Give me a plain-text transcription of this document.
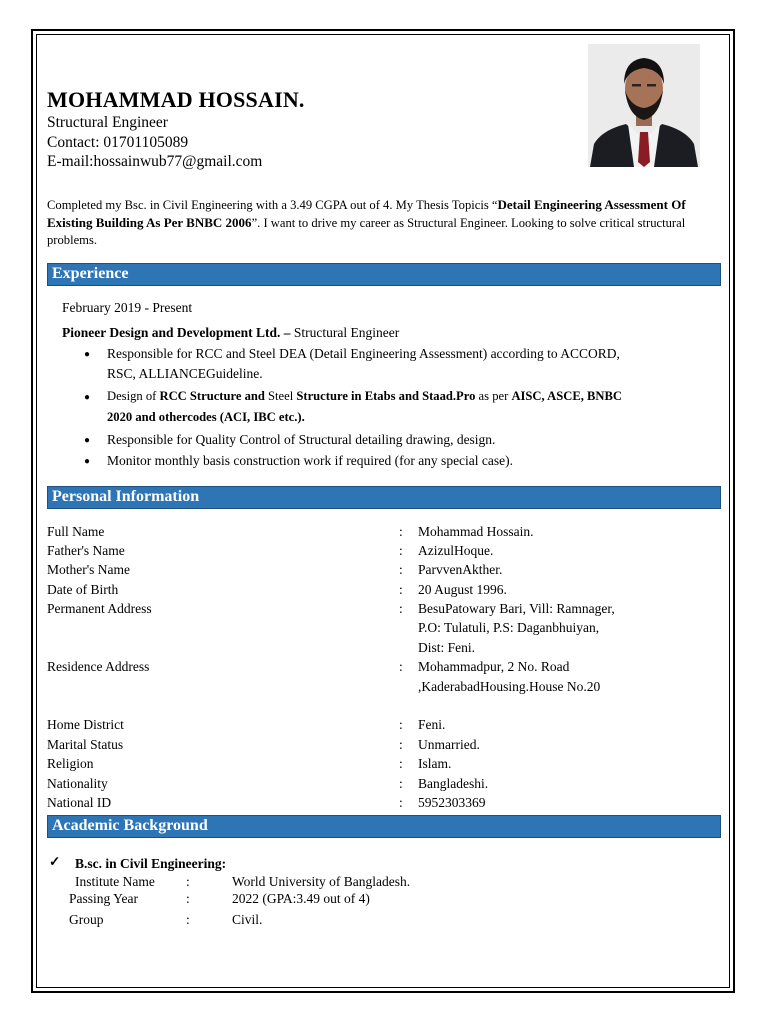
MOHAMMAD HOSSAIN.
Structural Engineer
Contact: 01701105089
E-mail:hossainwub77@gmail.com
Completed my Bsc. in Civil Engineering with a 3.49 CGPA out of 4. My Thesis Topicis “Detail Engineering Assessment Of Existing Building As Per BNBC 2006”. I want to drive my career as Structural Engineer. Looking to solve critical structural problems.
Experience
February 2019 - Present
Pioneer Design and Development Ltd. – Structural Engineer
● Responsible for RCC and Steel DEA (Detail Engineering Assessment) according to ACCORD,
RSC, ALLIANCEGuideline.
● Design of RCC Structure and Steel Structure in Etabs and Staad.Pro as per AISC, ASCE, BNBC
2020 and othercodes (ACI, IBC etc.).
● Responsible for Quality Control of Structural detailing drawing, design.
● Monitor monthly basis construction work if required (for any special case).
Personal Information
Full Name	: Mohammad Hossain.
Father's Name	: AzizulHoque.
Mother's Name	: ParvvenAkther.
Date of Birth	: 20 August 1996.
Permanent Address	: BesuPatowary Bari, Vill: Ramnager,
P.O: Tulatuli, P.S: Daganbhuiyan,
Dist: Feni.
Residence Address	: Mohammadpur, 2 No. Road
,KaderabadHousing.House No.20
Home District	: Feni.
Marital Status	: Unmarried.
Religion	: Islam.
Nationality	: Bangladeshi.
National ID	: 5952303369
Academic Background
✓ B.sc. in Civil Engineering:
Institute Name :	World University of Bangladesh.
Passing Year	:	2022 (GPA:3.49 out of 4)
Group	:	Civil.
